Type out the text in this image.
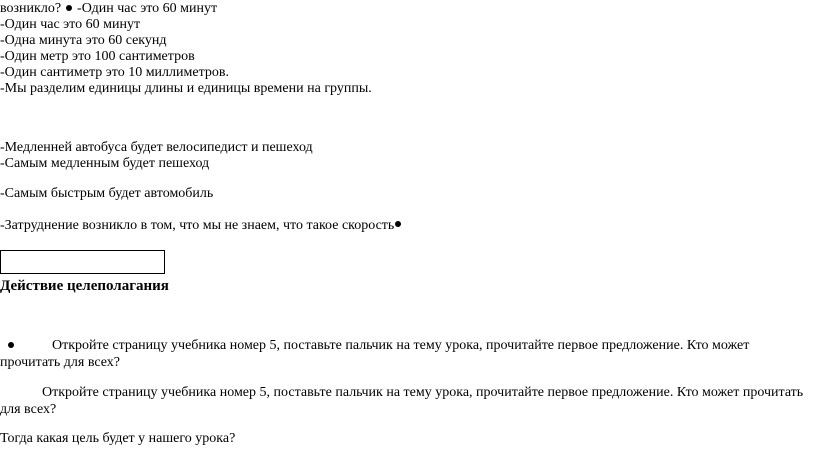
возникло? -Один час это 60 минут
-Один час это 60 минут
-Одна минута это 60 секунд
-Один метр это 100 сантиметров
-Один сантиметр это 10 миллиметров.
-Мы разделим единицы длины и единицы времени на группы.
-Медленней автобуса будет велосипедист и пешеход
-Самым медленным будет пешеход
-Самым быстрым будет автомобиль
-Затруднение возникло в том, что мы не знаем, что такое скорость
Действие целеполагания
Откройте страницу учебника номер 5, поставьте пальчик на тему урока, прочитайте первое предложение. Кто может прочитать для всех?
Откройте страницу учебника номер 5, поставьте пальчик на тему урока, прочитайте первое предложение. Кто может прочитать для всех?
Тогда какая цель будет у нашего урока?
